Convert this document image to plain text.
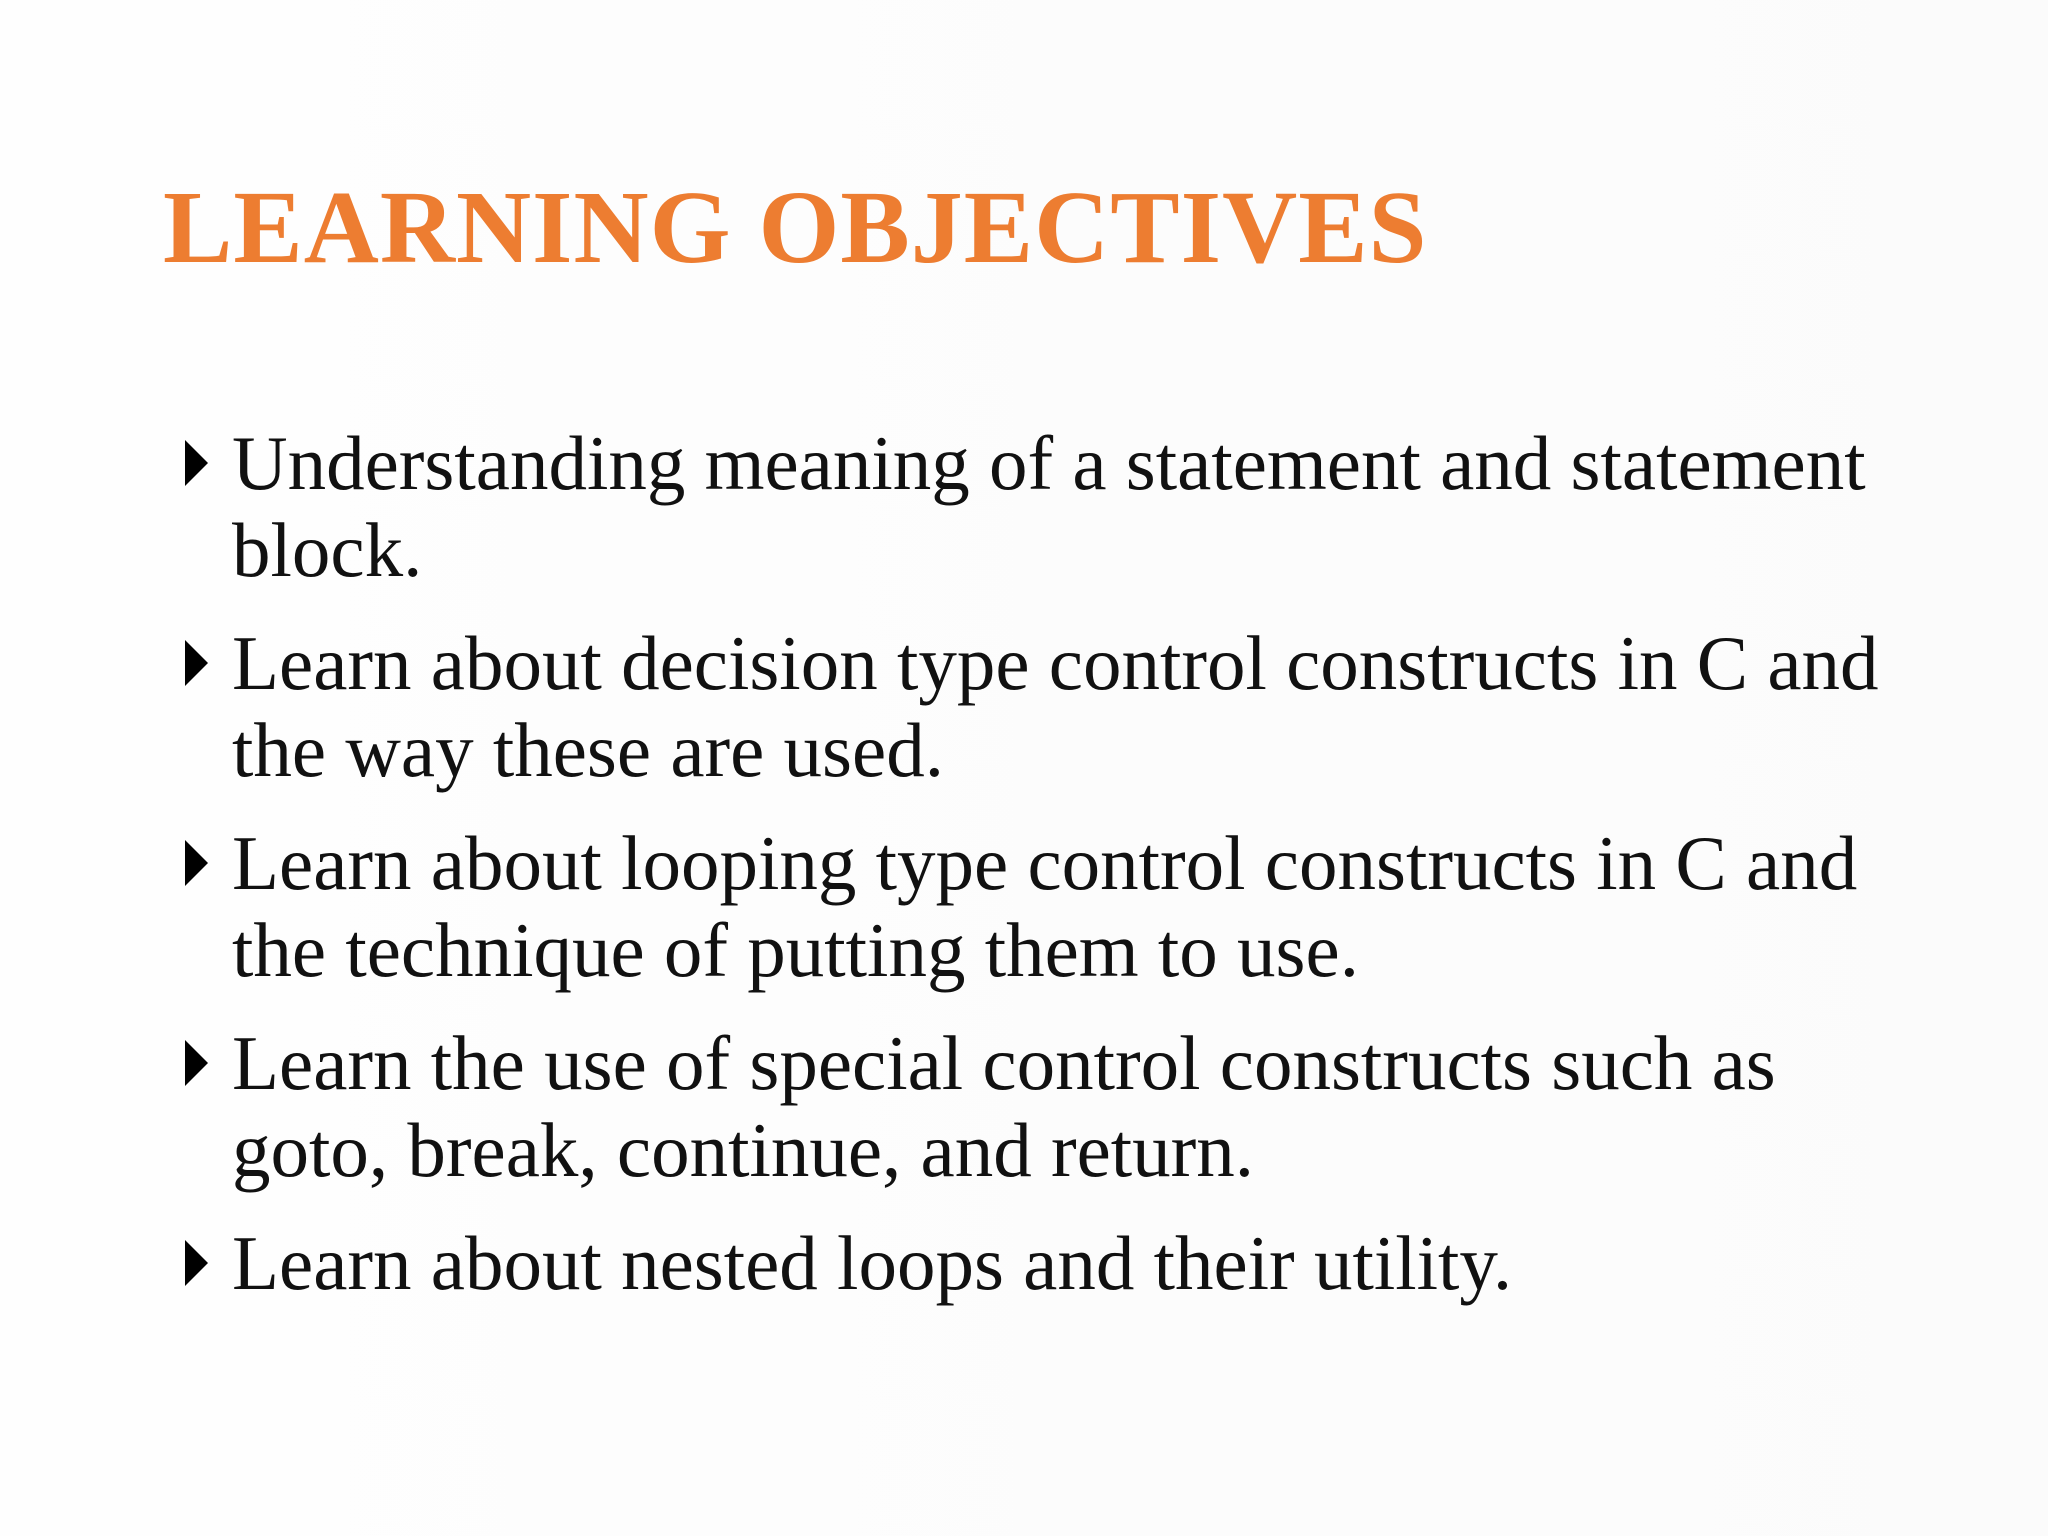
LEARNING OBJECTIVES
Understanding meaning of a statement and statement block.
Learn about decision type control constructs in C and the way these are used.
Learn about looping type control constructs in C and the technique of putting them to use.
Learn the use of special control constructs such as goto, break, continue, and return.
Learn about nested loops and their utility.
